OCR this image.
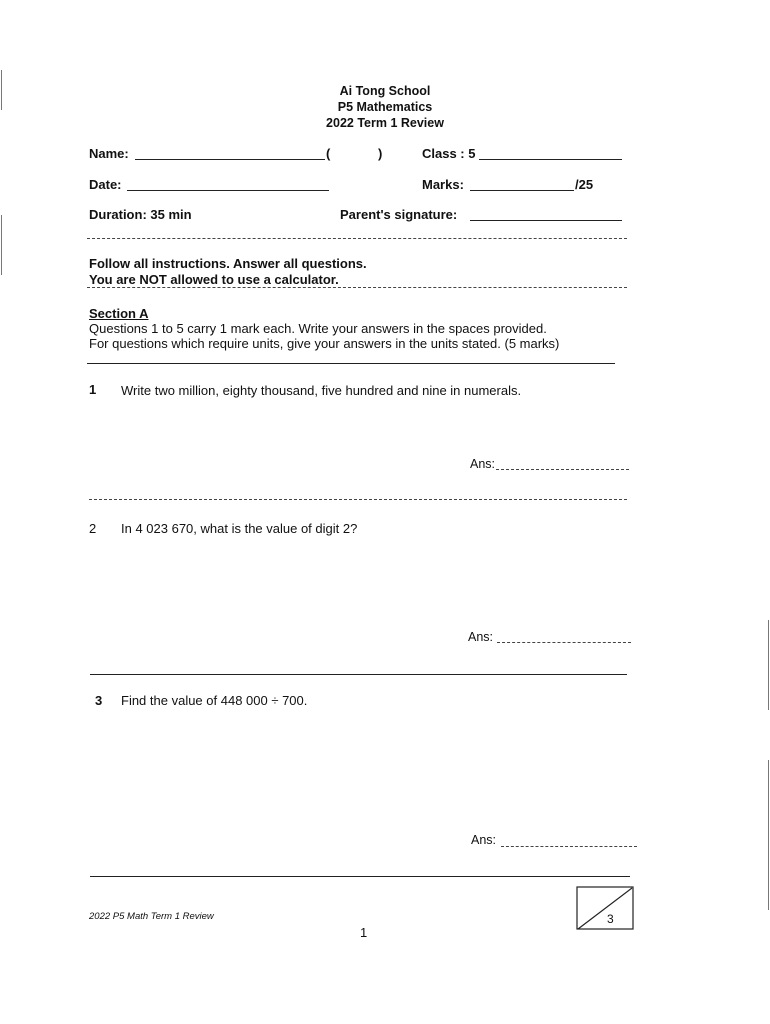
Ai Tong School
P5 Mathematics
2022 Term 1 Review
Name:	(	)	Class : 5
Date:	Marks:	/25
Duration: 35 min	Parent's signature:
Follow all instructions. Answer all questions.
You are NOT allowed to use a calculator.
Section A
Questions 1 to 5 carry 1 mark each. Write your answers in the spaces provided.
For questions which require units, give your answers in the units stated. (5 marks)
1 Write two million, eighty thousand, five hundred and nine in numerals.
Ans:
2 In 4 023 670, what is the value of digit 2?
Ans:
3 Find the value of 448 000 ÷ 700.
Ans:
2022 P5 Math Term 1 Review
1
3
